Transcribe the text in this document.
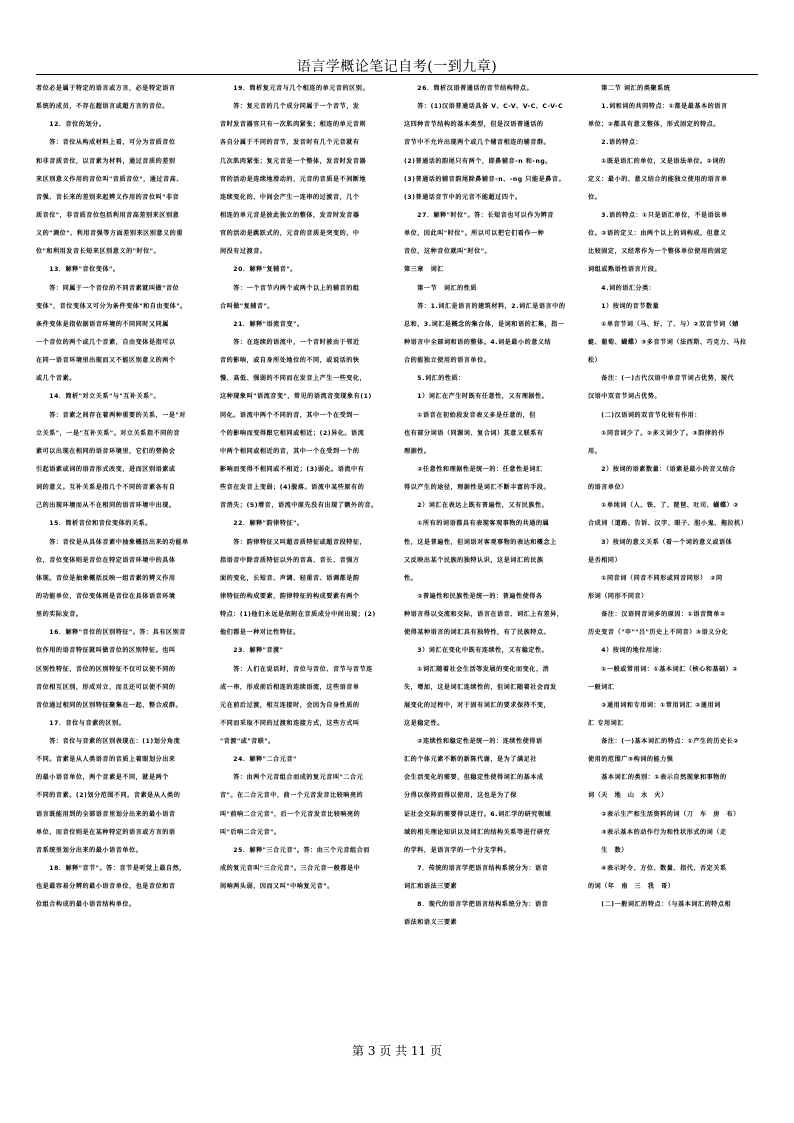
语言学概论笔记自考(一到九章)
者位必是属于特定的语言或方言，必是特定语言
系统的成员，不存在超语言或超方言的音位。
　　12．音位的划分。
　　答：音位从构成材料上看，可分为音质音位
和非音质音位，以音素为材料，通过音质的差别
来区别意义作用的音位叫"音质音位"，通过音高、
音强、音长来的差别来起辨义作用的音位叫"非音
质音位"，非音质音位包括利用音高差别来区别意
义的"调位"、利用音强等方面差别来区别意义的重
位"和利用发音长短来区别意义的"时位"。
　　13．解释"音位变体"。
　　答：同属于一个音位的不同音素就叫做"音位
变体"，音位变体又可分为条件变体"和自由变体"。
条件变体是指依据语音环境的不同同时又同属
一个音位的两个或几个音素，自由变体是指可以
在同一语音环境里出现而又不能区别意义的两个
或几个音素。
　　14．简析"对立关系"与"互补关系"。
　　答：音素之间存在着两种重要的关系，一是"对
立关系"，一是"互补关系"。对立关系指不同的音
素可以出现在相同的语音环境里，它们的替换会
引起语素或词的语音形式改变，进而区别语素或
词的意义。互补关系是指几个不同的音素各有自
己的出现环境而从不在相同的语音环境中出现。
　　15．简析音位和音位变体的关系。
　　答：音位是从具体音素中抽象概括出来的功能单
位，音位变体则是音位在特定语音环境中的具体
体现。音位是抽象概括反映一组音素的辨义作用
的功能单位，音位变体则是音位在具体语音环境
里的实际发音。
　　16．解释"音位的区别特征"。答：具有区别音
位作用的语音特征就叫做音位的区别特征。也叫
区别性特征，音位的区别特征不仅可以使不同的
音位相互区别，形成对立，而且还可以使不同的
音位通过相同的区别特征聚集在一起，整合成群。
　　17．音位与音素的区别。
　　答：音位与音素的区别表现在：(1)划分角度
不同。音素是从人类语音的音质上着眼划分出来
的最小语音单位，两个音素是不同，就是两个
不同的音素。(2)划分范围不同。音素是从人类的
语言既能用到的全部语音里划分出来的最小语音
单位，而音位则是在某种特定的语言或方言的语
音系统里划分出来的最小语音单位。
　　18．解释"音节"。答：音节是听觉上最自然，
也是最容易分辨的最小语音单位，也是音位和音
位组合构成的最小语音结构单位。
　　19．简析复元音与几个相连的单元音的区别。
　　答：复元音的几个成分同属于一个音节，发
音时发音器官只有一次肌肉紧张；相连的单元音则
各自分属于不同的音节，发音时有几个元音就有
几次肌肉紧张；复元音是一个整体，发音时发音器
官的活动是连续地滑动的，元音的音质是不间断地
连续变化的，中间会产生一连串的过渡音，几个
相连的单元音是彼此独立的整体，发音时发音器
官的活动是跳跃式的，元音的音质是突变的，中
间没有过渡音。
　　20．解释"复辅音"。
　　答：一个音节内两个或两个以上的辅音的组
合叫做"复辅音"。
　　21．解释"语流音变"。
　　答：在连续的语流中，一个音时被由于邻近
音的影响，或自身所处地位的不同，或说话的快
慢、高低、强弱的不同而在发音上产生一些变化，
这种现象叫"语流音变"，常见的语流音变现象有(1)
同化。语流中两个不同的音，其中一个在受到一
个的影响而变得跟它相同或相近；(2)异化。语流
中两个相同或相近的音，其中一个在受到一个的
影响而变得不相同或不相近；(3)弱化。语流中有
些音在发音上变弱；(4)脱落。语流中某些原有的
音消失；(5)增音，语流中原先没有出现了额外的音。
　　22．解释"韵律特征"。
　　答：韵律特征又叫超音质特征或超音段特征，
指语音中除音质特征以外的音高、音长、音强方
面的变化，长短音、声调、轻重音、语调都是韵
律特征的构成要素，韵律特征的构成要素有两个
特点：(1)他们永远是依附在音质成分中间出现；(2)
他们都是一种对比性特征。
　　23．解释"音渡"
　　答：人们在说话时，音位与音位、音节与音节连
成一串，形成前后相连的连续语流，这些语音单
元在前后过渡，相互连接时，会因为自身性质的
不同而采取不同的过渡和连接方式，这些方式叫
"音渡"或"音联"。
　　24．解释"二合元音"
　　答：由两个元音组合而成的复元音叫"二合元
音"。在二合元音中，前一个元音发音比较响亮的
叫"前响二合元音"，后一个元音发音比较响亮的
叫"后响二合元音"。
　　25．解释"三合元音"。答：由三个元音组合而
成的复元音叫"三合元音"。三合元音一般都是中
间响两头弱，因而又叫"中响复元音"。
　　26．简析汉语普通话的音节结构特点。
　　答：(1)汉语普通话具备 V、C-V、V-C、C-V-C
这四种音节结构的基本类型，但是汉语普通话的
音节中不允许出现两个或几个辅音相连的辅音群。
(2)普通话的韵尾只有两个，即鼻辅音-n 和-ng。
(3)普通话的辅音韵尾除鼻辅音-n、-ng 只能是鼻音。
(3)普通话音节中的元音不能超过四个。
　　27．解释"时位"。答：长短音也可以作为辨音
单位，因此叫"时位"。所以可以把它们看作一种
音位，这种音位就叫"时位"。
第三章　词汇
　　第一节　词汇的性质
　　答：1.词汇是语言的建筑材料，2.词汇是语言中的
总和，3.词汇是概念的集合体，是词和语的汇集，指一
种语言中全部词和语的整体。4.词是最小的意义结
合的能独立使用的语言单位。
　　5.词汇的性质：
　　1）词汇在产生时既有任意性，又有理据性。
　　①语音在初始段发音表义多是任意的，但
也有部分词语（同源词、复合词）其意义联系有
理据性。
　　②任意性和理据性是统一的：任意性是词汇
得以产生的途径，理据性是词汇不断丰富的手段。
　　2）词汇在表达上既有普遍性，又有民族性。
　　①所有的词语都具有表现客观事物的共通的属
性，这是普遍性，但词语对客观事物的表达和概念上
又反映出某个民族的独特认识，这是词汇的民族
性。
　　②普遍性和民族性是统一的：普遍性使得各
种语言得以交流和交际，语言在语音、词汇上有差异，
使得某种语言的词汇具有独特性，有了民族特点。
　　3）词汇在变化中既有连续性，又有稳定性。
　　①词汇随着社会生活等发展的变化而变化，消
失，增加，这是词汇连续性的，但词汇随着社会而发
展变化的过程中，对于固有词汇的要求保持不变，
这是稳定性。
　　②连续性和稳定性是统一的：连续性使得语
汇的个体元素不断的新陈代谢，是为了满足社
会生活变化的需要，但稳定性使得词汇的基本成
分得以保持而得以使用，这也是为了保
证社会交际的需要得以进行。6.词汇学的研究领域
域的相关理论知识以及词汇的结构关系等进行研究
的学科，是语言学的一个分支学科。
　　7．传统的语言学把语言结构系统分为：语音
词汇和语法三要素
　　8．现代的语言学把语言结构系统分为：语音
语法和语义三要素
　　第二节 词汇的类聚系统
　　1.词和词的共同特点：①都是最基本的语言
单位；②都具有意义整体，形式固定的特点。
　　2.语的特点：
　　①既是语汇的单位，又是语法单位。②词的
定义：最小的、意义结合的能独立使用的语言单
位。
　　3.语的特点：①只是语汇单位，不是语法单
位。②语的定义：由两个以上的词构成，但意义
比较固定，又经常作为一个整体单位使用的固定
词组或熟语性语言片段。
　　4.词的语汇分类：
　　1）按词的音节数量
　　①单音节词（马、好、了、与）②双音节词（蜻
蜓、葡萄、蝴蝶）③多音节词（法西斯、巧克力、马拉
松）
　　备注：(一)古代汉语中单音节词占优势，现代
汉语中双音节词占优势。
　　(二)汉语词的双音节化较有作用：
　　①同音词少了。②多义词少了。③韵律的作
用。
　　2）按词的语素数量：（语素是最小的音义结合
的语言单位）
　　①单纯词（人、铁、了、琵琶、吐司、蝴蝶）②
合成词（道路、告诉、汉字、眼子、胆小鬼、拖拉机）
　　3）按词的意义关系（看一个词的意义或语体
是否相同）
　　①同音词（同音不同形或同音同形）　②同
形词（同形不同音）
　　备注：汉语同音词多的原因：①语音简单②
历史变音（"申""吕"历史上不同音）③语义分化
　　4）按词的地位用途：
　　①一般或常用词：①基本词汇（核心和基础）②
一般词汇
　　②通用词和专用词：①常用词汇 ②通用词
汇 专用词汇
　　备注：(一)基本词汇的特点：①产生的历史长②
使用的范围广③构词的能力强
　　基本词汇的类别：①表示自然现象和事物的
词（天　地　山　水　火）
　　②表示生产和生活资料的词（刀　车　房　布）
　　③表示基本的动作行为和性状形式的词（走
　　生　数）
　　④表示时令、方位、数量、指代、否定关系
的词（年　南　三　我　哥）
　　(二)一般词汇的特点：（与基本词汇的特点相
第 3 页 共 11 页
